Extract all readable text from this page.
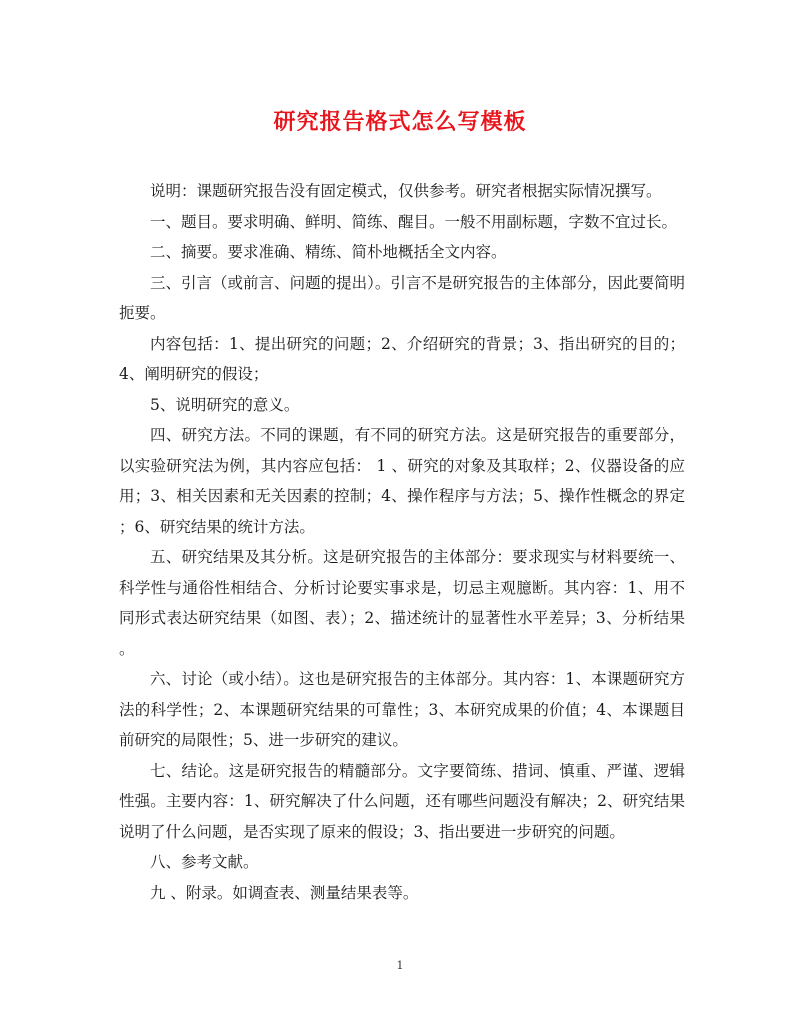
研究报告格式怎么写模板

说明：课题研究报告没有固定模式，仅供参考。研究者根据实际情况撰写。

一、题目。要求明确、鲜明、简练、醒目。一般不用副标题，字数不宜过长。

二、摘要。要求准确、精练、简朴地概括全文内容。

三、引言（或前言、问题的提出）。引言不是研究报告的主体部分，因此要简明扼要。

内容包括：1、提出研究的问题；2、介绍研究的背景；3、指出研究的目的；4、阐明研究的假设；

5、说明研究的意义。

四、研究方法。不同的课题，有不同的研究方法。这是研究报告的重要部分，以实验研究法为例，其内容应包括： 1 、研究的对象及其取样；2、仪器设备的应用；3、相关因素和无关因素的控制；4、操作程序与方法；5、操作性概念的界定；6、研究结果的统计方法。

五、研究结果及其分析。这是研究报告的主体部分：要求现实与材料要统一、科学性与通俗性相结合、分析讨论要实事求是，切忌主观臆断。其内容：1、用不同形式表达研究结果（如图、表）；2、描述统计的显著性水平差异；3、分析结果。

六、讨论（或小结）。这也是研究报告的主体部分。其内容：1、本课题研究方法的科学性；2、本课题研究结果的可靠性；3、本研究成果的价值；4、本课题目前研究的局限性；5、进一步研究的建议。

七、结论。这是研究报告的精髓部分。文字要简练、措词、慎重、严谨、逻辑性强。主要内容：1、研究解决了什么问题，还有哪些问题没有解决；2、研究结果说明了什么问题，是否实现了原来的假设；3、指出要进一步研究的问题。

八、参考文献。

九 、附录。如调查表、测量结果表等。

1
